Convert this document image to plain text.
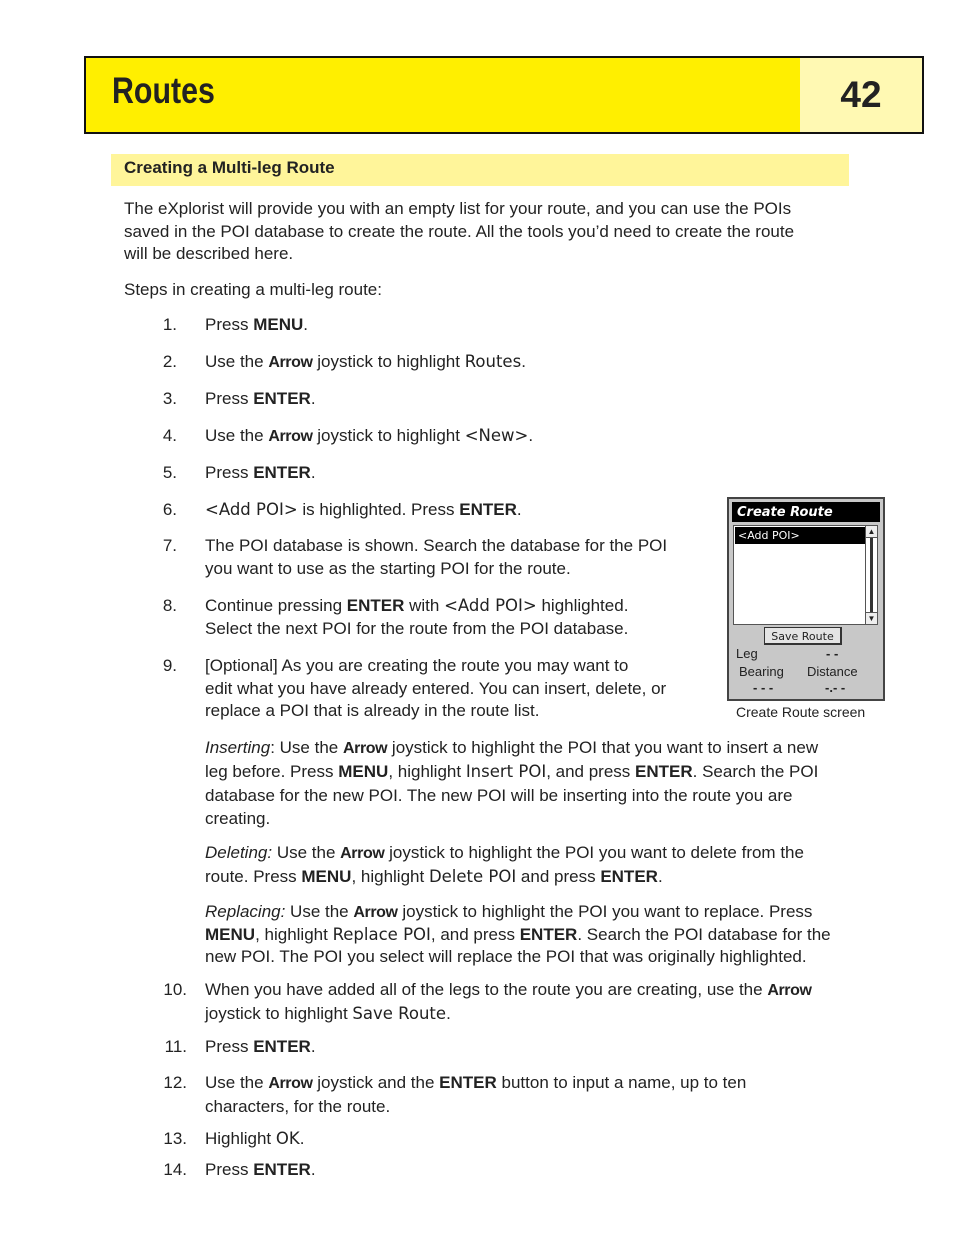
Routes	42
Creating a Multi-leg Route
The eXplorist will provide you with an empty list for your route, and you can use the POIs
saved in the POI database to create the route. All the tools you’d need to create the route
will be described here.
Steps in creating a multi-leg route:
1. Press MENU.
2. Use the Arrow joystick to highlight Routes.
3. Press ENTER.
4. Use the Arrow joystick to highlight <New>.
5. Press ENTER.
6. <Add POI> is highlighted. Press ENTER.
7. The POI database is shown. Search the database for the POI
you want to use as the starting POI for the route.
8. Continue pressing ENTER with <Add POI> highlighted.
Select the next POI for the route from the POI database.
9. [Optional] As you are creating the route you may want to
edit what you have already entered. You can insert, delete, or
replace a POI that is already in the route list.
Inserting: Use the Arrow joystick to highlight the POI that you want to insert a new
leg before. Press MENU, highlight Insert POI, and press ENTER. Search the POI
database for the new POI. The new POI will be inserting into the route you are
creating.
Deleting: Use the Arrow joystick to highlight the POI you want to delete from the
route. Press MENU, highlight Delete POI and press ENTER.
Replacing: Use the Arrow joystick to highlight the POI you want to replace. Press
MENU, highlight Replace POI, and press ENTER. Search the POI database for the
new POI. The POI you select will replace the POI that was originally highlighted.
10. When you have added all of the legs to the route you are creating, use the Arrow
joystick to highlight Save Route.
11. Press ENTER.
12. Use the Arrow joystick and the ENTER button to input a name, up to ten
characters, for the route.
13. Highlight OK.
14. Press ENTER.
Create Route
<Add POI>	▲
▼
Save Route
Leg	- -
Bearing Distance
- - -	-.- -
Create Route screen
